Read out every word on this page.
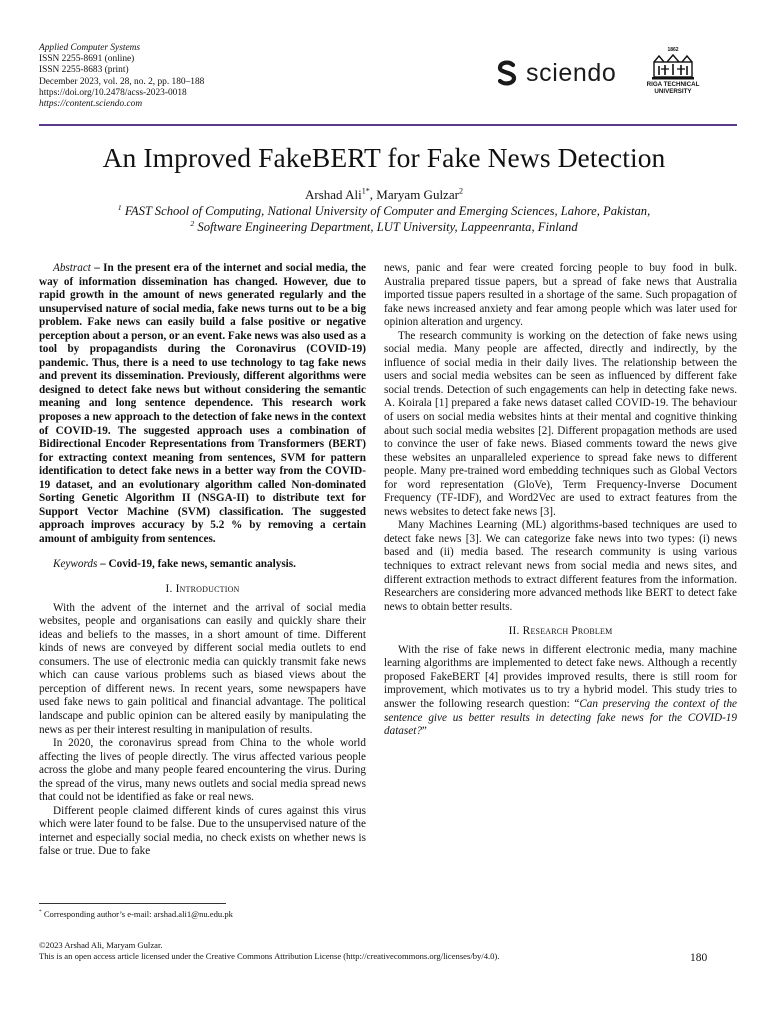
Applied Computer Systems
ISSN 2255-8691 (online)
ISSN 2255-8683 (print)
December 2023, vol. 28, no. 2, pp. 180–188
https://doi.org/10.2478/acss-2023-0018
https://content.sciendo.com
sciendo
1862
RIGA TECHNICAL
UNIVERSITY
An Improved FakeBERT for Fake News Detection
Arshad Ali$^{1*}$, Maryam Gulzar$^2$
$^1$ FAST School of Computing, National University of Computer and Emerging Sciences, Lahore, Pakistan,
$^2$ Software Engineering Department, LUT University, Lappeenranta, Finland

Abstract – In the present era of the internet and social media, the way of information dissemination has changed. However, due to rapid growth in the amount of news generated regularly and the unsupervised nature of social media, fake news turns out to be a big problem. Fake news can easily build a false positive or negative perception about a person, or an event. Fake news was also used as a tool by propagandists during the Coronavirus (COVID-19) pandemic. Thus, there is a need to use technology to tag fake news and prevent its dissemination. Previously, different algorithms were designed to detect fake news but without considering the semantic meaning and long sentence dependence. This research work proposes a new approach to the detection of fake news in the context of COVID-19. The suggested approach uses a combination of Bidirectional Encoder Representations from Transformers (BERT) for extracting context meaning from sentences, SVM for pattern identification to detect fake news in a better way from the COVID-19 dataset, and an evolutionary algorithm called Non-dominated Sorting Genetic Algorithm II (NSGA-II) to distribute text for Support Vector Machine (SVM) classification. The suggested approach improves accuracy by 5.2 % by removing a certain amount of ambiguity from sentences.

Keywords – Covid-19, fake news, semantic analysis.

I. Introduction

With the advent of the internet and the arrival of social media websites, people and organisations can easily and quickly share their ideas and beliefs to the masses, in a short amount of time. Different kinds of news are conveyed by different social media outlets to end consumers. The use of electronic media can quickly transmit fake news which can cause various problems such as biased views about the perception of different news. In recent years, some newspapers have used fake news to gain political and financial advantage. The political landscape and public opinion can be altered easily by manipulating the news as per their interest resulting in manipulation of results.

In 2020, the coronavirus spread from China to the whole world affecting the lives of people directly. The virus affected various people across the globe and many people feared encountering the virus. During the spread of the virus, many news outlets and social media spread news that could not be identified as fake or real news.

Different people claimed different kinds of cures against this virus which were later found to be false. Due to the unsupervised nature of the internet and especially social media, no check exists on whether news is false or true. Due to fake

news, panic and fear were created forcing people to buy food in bulk. Australia prepared tissue papers, but a spread of fake news that Australia imported tissue papers resulted in a shortage of the same. Such propagation of fake news increased anxiety and fear among people which was later used for opinion alteration and urgency.

The research community is working on the detection of fake news using social media. Many people are affected, directly and indirectly, by the influence of social media in their daily lives. The relationship between the users and social media websites can be seen as influenced by different fake social trends. Detection of such engagements can help in detecting fake news. A. Koirala [1] prepared a fake news dataset called COVID-19. The behaviour of users on social media websites hints at their mental and cognitive thinking about such social media websites [2]. Different propagation methods are used to convince the user of fake news. Biased comments toward the news give these websites an unparalleled experience to spread fake news to different people. Many pre-trained word embedding techniques such as Global Vectors for word representation (GloVe), Term Frequency-Inverse Document Frequency (TF-IDF), and Word2Vec are used to extract features from the news websites to detect fake news [3].

Many Machines Learning (ML) algorithms-based techniques are used to detect fake news [3]. We can categorize fake news into two types: (i) news based and (ii) media based. The research community is using various techniques to extract relevant news from social media and news sites, and different extraction methods to extract different features from the information. Researchers are considering more advanced methods like BERT to detect fake news to obtain better results.

II. Research Problem

With the rise of fake news in different electronic media, many machine learning algorithms are implemented to detect fake news. Although a recently proposed FakeBERT [4] provides improved results, there is still room for improvement, which motivates us to try a hybrid model. This study tries to answer the following research question: “Can preserving the context of the sentence give us better results in detecting fake news for the COVID-19 dataset?”

* Corresponding author’s e-mail: arshad.ali1@nu.edu.pk
©2023 Arshad Ali, Maryam Gulzar.
This is an open access article licensed under the Creative Commons Attribution License (http://creativecommons.org/licenses/by/4.0).	180
